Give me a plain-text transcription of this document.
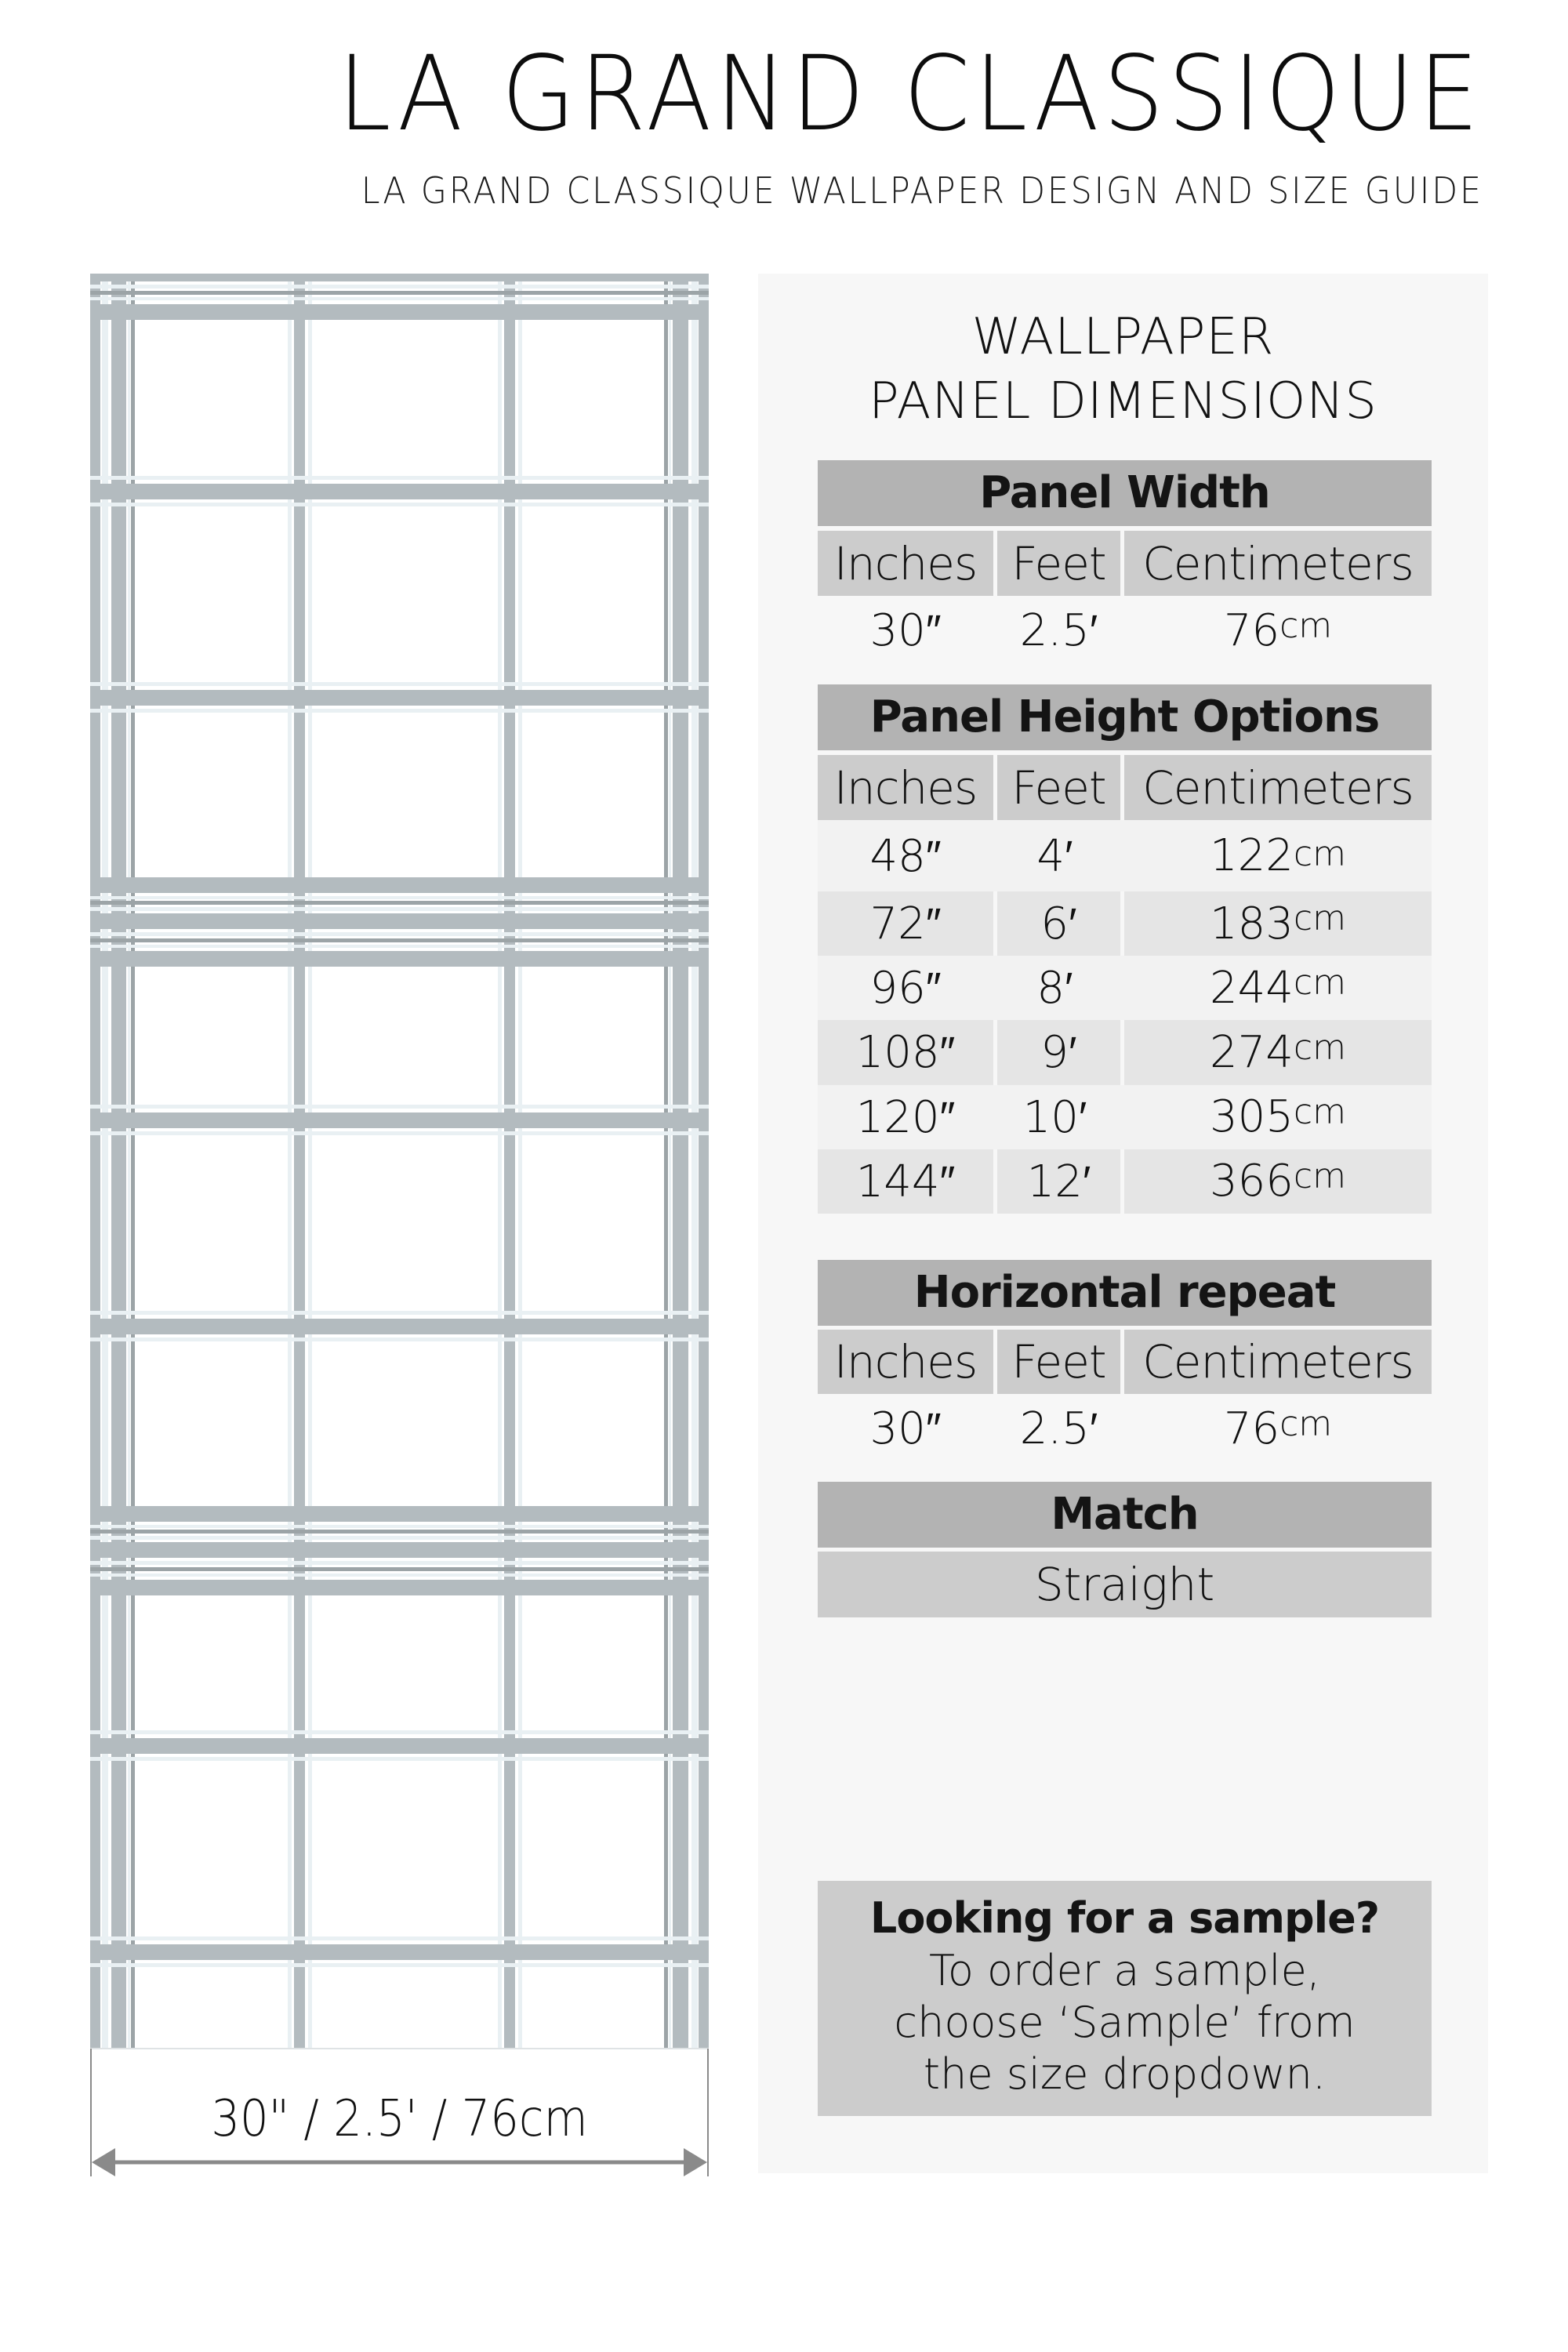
LA GRAND CLASSIQUE
LA GRAND CLASSIQUE WALLPAPER DESIGN AND SIZE GUIDE
30" / 2.5' / 76cm
WALLPAPER
PANEL DIMENSIONS
Panel Width
Inches Feet Centimeters
30″	2.5′	76 cm
Panel Height Options
Inches Feet Centimeters
48″	4′	122 cm
72″	6′	183 cm
96″	8′	244 cm
108″	9′	274 cm
120″	10′	305 cm
144″	12′	366 cm
Horizontal repeat
Inches Feet Centimeters
30″	2.5′	76 cm
Match
Straight
Looking for a sample?
To order a sample,
choose ‘Sample’ from
the size dropdown.
